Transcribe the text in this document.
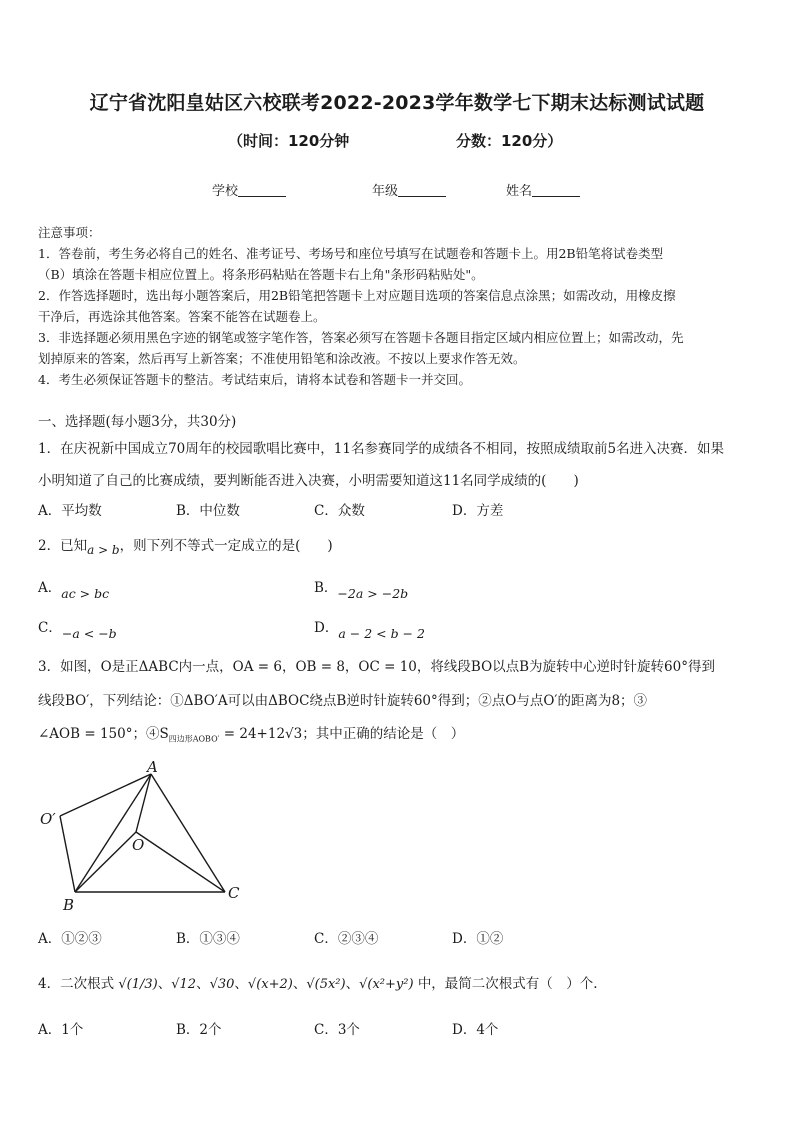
辽宁省沈阳皇姑区六校联考2022-2023学年数学七下期末达标测试试题
（时间：120分钟	分数：120分）
学校	年级	姓名
注意事项：
1．答卷前，考生务必将自己的姓名、准考证号、考场号和座位号填写在试题卷和答题卡上。用2B铅笔将试卷类型
（B）填涂在答题卡相应位置上。将条形码粘贴在答题卡右上角"条形码粘贴处"。
2．作答选择题时，选出每小题答案后，用2B铅笔把答题卡上对应题目选项的答案信息点涂黑；如需改动，用橡皮擦
干净后，再选涂其他答案。答案不能答在试题卷上。
3．非选择题必须用黑色字迹的钢笔或签字笔作答，答案必须写在答题卡各题目指定区域内相应位置上；如需改动，先
划掉原来的答案，然后再写上新答案；不准使用铅笔和涂改液。不按以上要求作答无效。
4．考生必须保证答题卡的整洁。考试结束后，请将本试卷和答题卡一并交回。
一、选择题(每小题3分，共30分)
1．在庆祝新中国成立70周年的校园歌唱比赛中，11名参赛同学的成绩各不相同，按照成绩取前5名进入决赛．如果
小明知道了自己的比赛成绩，要判断能否进入决赛，小明需要知道这11名同学成绩的(　　)
A．平均数	B．中位数	C．众数	D．方差
2．已知a > b，则下列不等式一定成立的是(　　)
A．ac > bc	B．−2a > −2b
C．−a < −b	D．a − 2 < b − 2
3．如图，O是正ΔABC内一点，OA = 6，OB = 8，OC = 10，将线段BO以点B为旋转中心逆时针旋转60°得到
线段BO′，下列结论：①ΔBO′A可以由ΔBOC绕点B逆时针旋转60°得到；②点O与点O′的距离为8；③
∠AOB = 150°；$④S_{四边形AOBO'} = 24+12√3$；其中正确的结论是（　）
A
O′
O
B
C
A．①②③	B．①③④	C．②③④	D．①②
4．二次根式 √(1/3)、√12、√30、√(x+2)、√(5x²)、√(x²+y²) 中，最简二次根式有（　）个.
A．1个	B．2个	C．3个	D．4个
